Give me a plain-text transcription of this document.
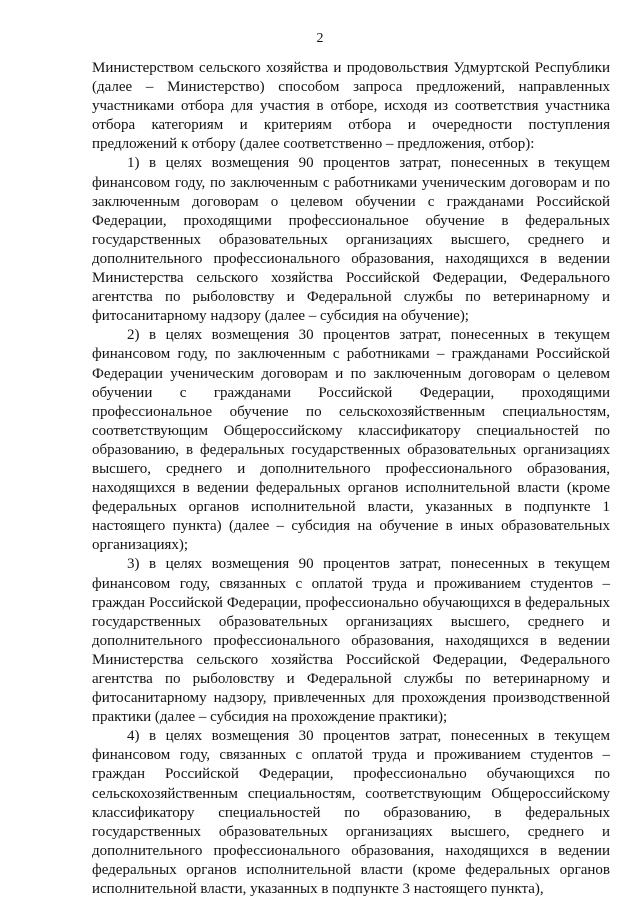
2

Министерством сельского хозяйства и продовольствия Удмуртской Республики (далее – Министерство) способом запроса предложений, направленных участниками отбора для участия в отборе, исходя из соответствия участника отбора категориям и критериям отбора и очередности поступления предложений к отбору (далее соответственно – предложения, отбор):

1) в целях возмещения 90 процентов затрат, понесенных в текущем финансовом году, по заключенным с работниками ученическим договорам и по заключенным договорам о целевом обучении с гражданами Российской Федерации, проходящими профессиональное обучение в федеральных государственных образовательных организациях высшего, среднего и дополнительного профессионального образования, находящихся в ведении Министерства сельского хозяйства Российской Федерации, Федерального агентства по рыболовству и Федеральной службы по ветеринарному и фитосанитарному надзору (далее – субсидия на обучение);

2) в целях возмещения 30 процентов затрат, понесенных в текущем финансовом году, по заключенным с работниками – гражданами Российской Федерации ученическим договорам и по заключенным договорам о целевом обучении с гражданами Российской Федерации, проходящими профессиональное обучение по сельскохозяйственным специальностям, соответствующим Общероссийскому классификатору специальностей по образованию, в федеральных государственных образовательных организациях высшего, среднего и дополнительного профессионального образования, находящихся в ведении федеральных органов исполнительной власти (кроме федеральных органов исполнительной власти, указанных в подпункте 1 настоящего пункта) (далее – субсидия на обучение в иных образовательных организациях);

3) в целях возмещения 90 процентов затрат, понесенных в текущем финансовом году, связанных с оплатой труда и проживанием студентов – граждан Российской Федерации, профессионально обучающихся в федеральных государственных образовательных организациях высшего, среднего и дополнительного профессионального образования, находящихся в ведении Министерства сельского хозяйства Российской Федерации, Федерального агентства по рыболовству и Федеральной службы по ветеринарному и фитосанитарному надзору, привлеченных для прохождения производственной практики (далее – субсидия на прохождение практики);

4) в целях возмещения 30 процентов затрат, понесенных в текущем финансовом году, связанных с оплатой труда и проживанием студентов – граждан Российской Федерации, профессионально обучающихся по сельскохозяйственным специальностям, соответствующим Общероссийскому классификатору специальностей по образованию, в федеральных государственных образовательных организациях высшего, среднего и дополнительного профессионального образования, находящихся в ведении федеральных органов исполнительной власти (кроме федеральных органов исполнительной власти, указанных в подпункте 3 настоящего пункта),
